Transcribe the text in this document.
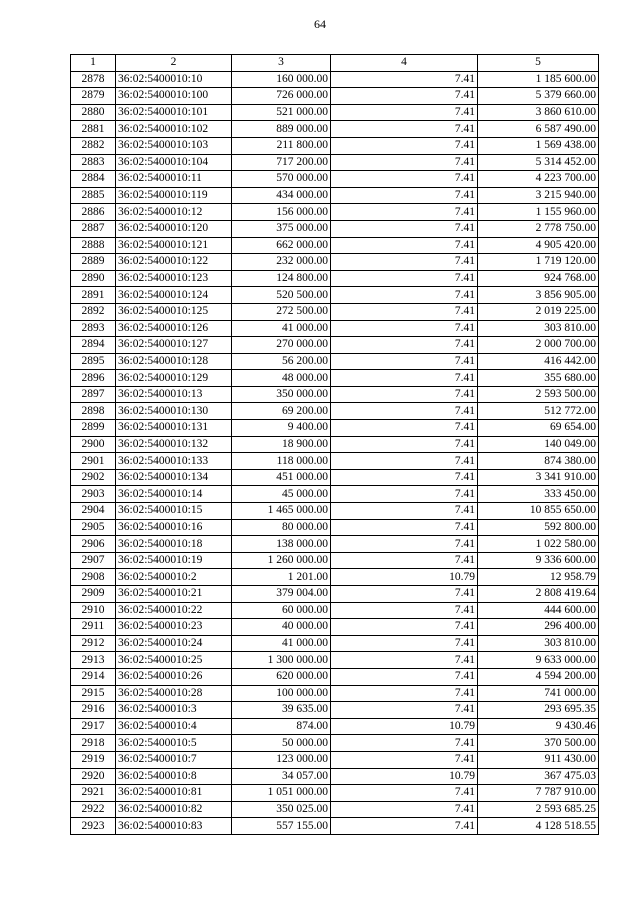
64
1	2	3	4	5
2878	36:02:5400010:10	160 000.00	7.41	1 185 600.00
2879	36:02:5400010:100	726 000.00	7.41	5 379 660.00
2880	36:02:5400010:101	521 000.00	7.41	3 860 610.00
2881	36:02:5400010:102	889 000.00	7.41	6 587 490.00
2882	36:02:5400010:103	211 800.00	7.41	1 569 438.00
2883	36:02:5400010:104	717 200.00	7.41	5 314 452.00
2884	36:02:5400010:11	570 000.00	7.41	4 223 700.00
2885	36:02:5400010:119	434 000.00	7.41	3 215 940.00
2886	36:02:5400010:12	156 000.00	7.41	1 155 960.00
2887	36:02:5400010:120	375 000.00	7.41	2 778 750.00
2888	36:02:5400010:121	662 000.00	7.41	4 905 420.00
2889	36:02:5400010:122	232 000.00	7.41	1 719 120.00
2890	36:02:5400010:123	124 800.00	7.41	924 768.00
2891	36:02:5400010:124	520 500.00	7.41	3 856 905.00
2892	36:02:5400010:125	272 500.00	7.41	2 019 225.00
2893	36:02:5400010:126	41 000.00	7.41	303 810.00
2894	36:02:5400010:127	270 000.00	7.41	2 000 700.00
2895	36:02:5400010:128	56 200.00	7.41	416 442.00
2896	36:02:5400010:129	48 000.00	7.41	355 680.00
2897	36:02:5400010:13	350 000.00	7.41	2 593 500.00
2898	36:02:5400010:130	69 200.00	7.41	512 772.00
2899	36:02:5400010:131	9 400.00	7.41	69 654.00
2900	36:02:5400010:132	18 900.00	7.41	140 049.00
2901	36:02:5400010:133	118 000.00	7.41	874 380.00
2902	36:02:5400010:134	451 000.00	7.41	3 341 910.00
2903	36:02:5400010:14	45 000.00	7.41	333 450.00
2904	36:02:5400010:15	1 465 000.00	7.41	10 855 650.00
2905	36:02:5400010:16	80 000.00	7.41	592 800.00
2906	36:02:5400010:18	138 000.00	7.41	1 022 580.00
2907	36:02:5400010:19	1 260 000.00	7.41	9 336 600.00
2908	36:02:5400010:2	1 201.00	10.79	12 958.79
2909	36:02:5400010:21	379 004.00	7.41	2 808 419.64
2910	36:02:5400010:22	60 000.00	7.41	444 600.00
2911	36:02:5400010:23	40 000.00	7.41	296 400.00
2912	36:02:5400010:24	41 000.00	7.41	303 810.00
2913	36:02:5400010:25	1 300 000.00	7.41	9 633 000.00
2914	36:02:5400010:26	620 000.00	7.41	4 594 200.00
2915	36:02:5400010:28	100 000.00	7.41	741 000.00
2916	36:02:5400010:3	39 635.00	7.41	293 695.35
2917	36:02:5400010:4	874.00	10.79	9 430.46
2918	36:02:5400010:5	50 000.00	7.41	370 500.00
2919	36:02:5400010:7	123 000.00	7.41	911 430.00
2920	36:02:5400010:8	34 057.00	10.79	367 475.03
2921	36:02:5400010:81	1 051 000.00	7.41	7 787 910.00
2922	36:02:5400010:82	350 025.00	7.41	2 593 685.25
2923	36:02:5400010:83	557 155.00	7.41	4 128 518.55
